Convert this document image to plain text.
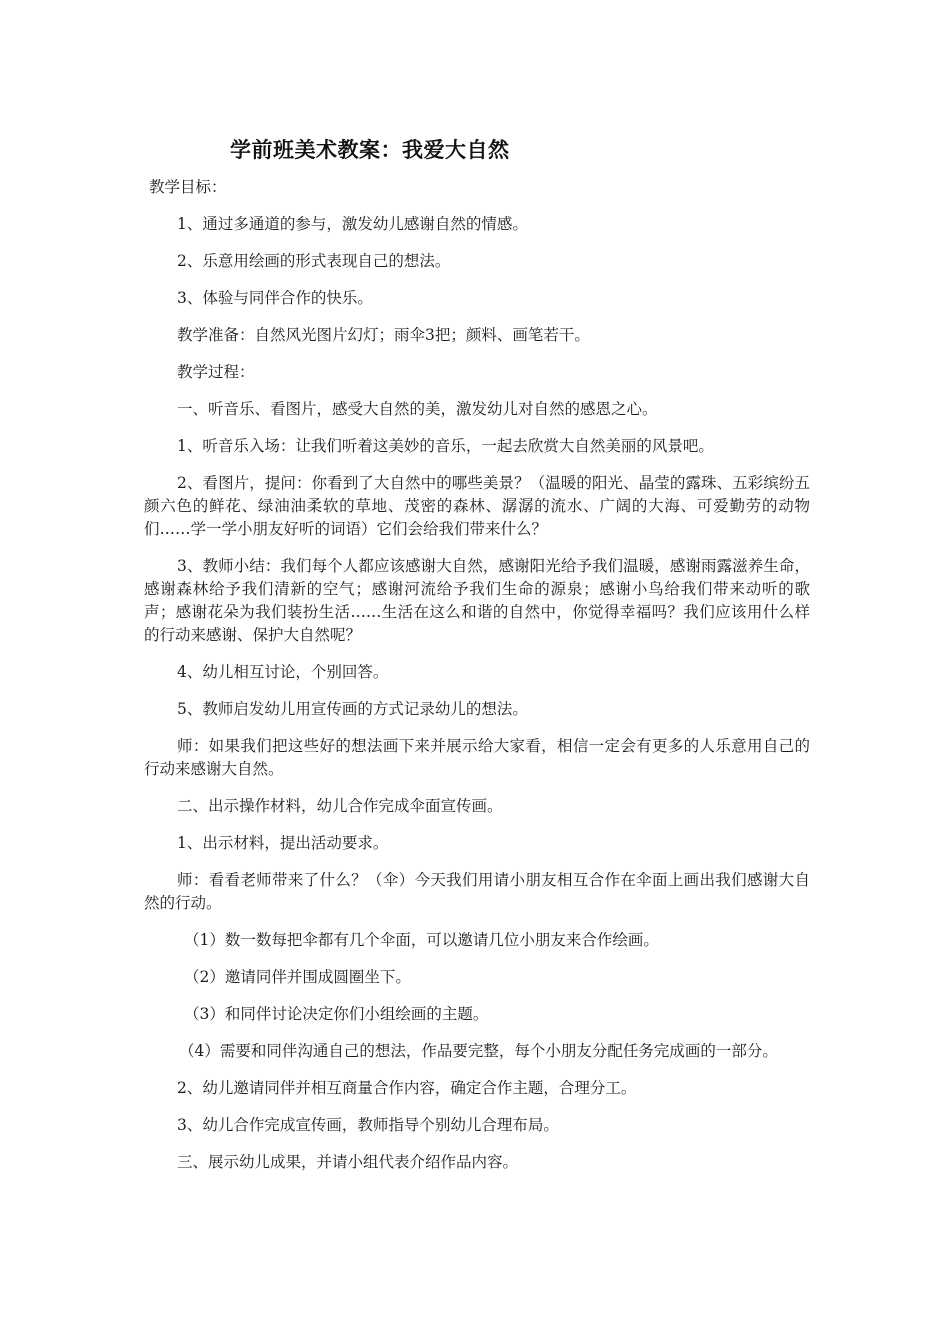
学前班美术教案：我爱大自然

教学目标：

1、通过多通道的参与，激发幼儿感谢自然的情感。

2、乐意用绘画的形式表现自己的想法。

3、体验与同伴合作的快乐。

教学准备：自然风光图片幻灯；雨伞3把；颜料、画笔若干。

教学过程：

一、听音乐、看图片，感受大自然的美，激发幼儿对自然的感恩之心。

1、听音乐入场：让我们听着这美妙的音乐，一起去欣赏大自然美丽的风景吧。

2、看图片，提问：你看到了大自然中的哪些美景？（温暖的阳光、晶莹的露珠、五彩缤纷五颜六色的鲜花、绿油油柔软的草地、茂密的森林、潺潺的流水、广阔的大海、可爱勤劳的动物们……学一学小朋友好听的词语）它们会给我们带来什么？

3、教师小结：我们每个人都应该感谢大自然，感谢阳光给予我们温暖，感谢雨露滋养生命，感谢森林给予我们清新的空气；感谢河流给予我们生命的源泉；感谢小鸟给我们带来动听的歌声；感谢花朵为我们装扮生活……生活在这么和谐的自然中，你觉得幸福吗？我们应该用什么样的行动来感谢、保护大自然呢？

4、幼儿相互讨论，个别回答。

5、教师启发幼儿用宣传画的方式记录幼儿的想法。

师：如果我们把这些好的想法画下来并展示给大家看，相信一定会有更多的人乐意用自己的行动来感谢大自然。

二、出示操作材料，幼儿合作完成伞面宣传画。

1、出示材料，提出活动要求。

师：看看老师带来了什么？（伞）今天我们用请小朋友相互合作在伞面上画出我们感谢大自然的行动。

（1）数一数每把伞都有几个伞面，可以邀请几位小朋友来合作绘画。

（2）邀请同伴并围成圆圈坐下。

（3）和同伴讨论决定你们小组绘画的主题。

（4）需要和同伴沟通自己的想法，作品要完整，每个小朋友分配任务完成画的一部分。

2、幼儿邀请同伴并相互商量合作内容，确定合作主题，合理分工。

3、幼儿合作完成宣传画，教师指导个别幼儿合理布局。

三、展示幼儿成果，并请小组代表介绍作品内容。
